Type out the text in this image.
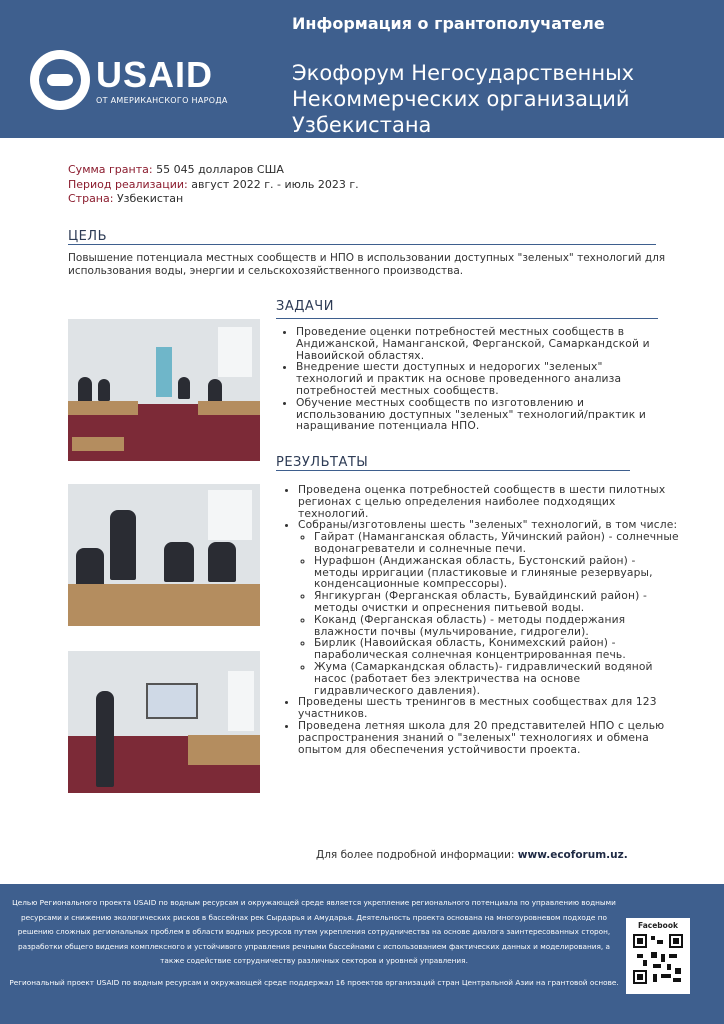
Информация о грантополучателе
USAID
ОТ АМЕРИКАНСКОГО НАРОДА
Экофорум Негосударственных
Некоммерческих организаций
Узбекистана
Сумма гранта: 55 045 долларов США
Период реализации: август 2022 г. - июль 2023 г.
Страна: Узбекистан
ЦЕЛЬ
Повышение потенциала местных сообществ и НПО в использовании доступных "зеленых" технологий для использования воды, энергии и сельскохозяйственного производства.
ЗАДАЧИ
• Проведение оценки потребностей местных сообществ в Андижанской, Наманганской, Ферганской, Самаркандской и Навоийской областях.
• Внедрение шести доступных и недорогих "зеленых" технологий и практик на основе проведенного анализа потребностей местных сообществ.
• Обучение местных сообществ по изготовлению и использованию доступных "зеленых" технологий/практик и наращивание потенциала НПО.
РЕЗУЛЬТАТЫ
• Проведена оценка потребностей сообществ в шести пилотных регионах с целью определения наиболее подходящих технологий.
• Собраны/изготовлены шесть "зеленых" технологий, в том числе:
◦ Гайрат (Наманганская область, Уйчинский район) - солнечные водонагреватели и солнечные печи.
◦ Нурафшон (Андижанская область, Бустонский район) - методы ирригации (пластиковые и глиняные резервуары, конденсационные компрессоры).
◦ Янгикурган (Ферганская область, Бувайдинский район) - методы очистки и опреснения питьевой воды.
◦ Коканд (Ферганская область) - методы поддержания влажности почвы (мульчирование, гидрогели).
◦ Бирлик (Навоийская область, Конимехский район) - параболическая солнечная концентрированная печь.
◦ Жума (Самаркандская область)- гидравлический водяной насос (работает без электричества на основе гидравлического давления).
• Проведены шесть тренингов в местных сообществах для 123 участников.
• Проведена летняя школа для 20 представителей НПО с целью распространения знаний о "зеленых" технологиях и обмена опытом для обеспечения устойчивости проекта.
Для более подробной информации: www.ecoforum.uz.
Целью Регионального проекта USAID по водным ресурсам и окружающей среде является укрепление регионального потенциала по управлению водными ресурсами и снижению экологических рисков в бассейнах рек Сырдарья и Амударья. Деятельность проекта основана на многоуровневом подходе по решению сложных региональных проблем в области водных ресурсов путем укрепления сотрудничества на основе диалога заинтересованных сторон, разработки общего видения комплексного и устойчивого управления речными бассейнами с использованием фактических данных и моделирования, а также содействие сотрудничеству различных секторов и уровней управления.
Региональный проект USAID по водным ресурсам и окружающей среде поддержал 16 проектов организаций стран Центральной Азии на грантовой основе.
Facebook
